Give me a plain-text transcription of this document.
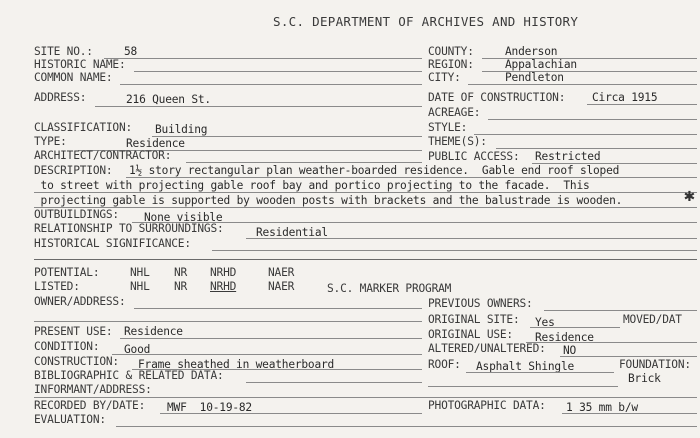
S.C. DEPARTMENT OF ARCHIVES AND HISTORY
SITE NO.:	58	COUNTY:	Anderson
HISTORIC NAME:	REGION:	Appalachian
COMMON NAME:	CITY:	Pendleton
ADDRESS:	216 Queen St.	DATE OF CONSTRUCTION: Circa 1915
ACREAGE:
CLASSIFICATION: Building	STYLE:
TYPE:	Residence	THEME(S):
ARCHITECT/CONTRACTOR:	PUBLIC ACCESS: Restricted
DESCRIPTION: 1½ story rectangular plan weather-boarded residence.  Gable end roof sloped
to street with projecting gable roof bay and portico projecting to the facade.  This
projecting gable is supported by wooden posts with brackets and the balustrade is wooden.	✱
OUTBUILDINGS: None visible
RELATIONSHIP TO SURROUNDINGS:	Residential
HISTORICAL SIGNIFICANCE:
POTENTIAL:	NHL NR NRHD	NAER
LISTED:	NHL NR NRHD	NAER	S.C. MARKER PROGRAM
OWNER/ADDRESS:	PREVIOUS OWNERS:
ORIGINAL SITE: Yes	MOVED/DAT
PRESENT USE: Residence	ORIGINAL USE: Residence
CONDITION: Good	ALTERED/UNALTERED: NO
CONSTRUCTION: Frame sheathed in weatherboard	ROOF: Asphalt Shingle	FOUNDATION:
Brick
BIBLIOGRAPHIC & RELATED DATA:
INFORMANT/ADDRESS:
RECORDED BY/DATE: MWF  10-19-82	PHOTOGRAPHIC DATA: 1 35 mm b/w
EVALUATION:
